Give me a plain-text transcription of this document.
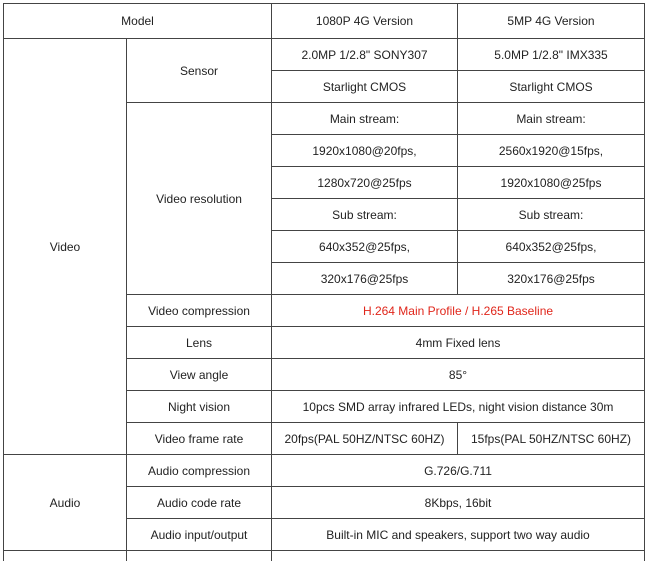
Model		1080P 4G Version	5MP 4G Version
Video	Sensor	2.0MP 1/2.8" SONY307	5.0MP 1/2.8" IMX335
		Starlight CMOS	Starlight CMOS
	Video resolution	Main stream:	Main stream:
		1920x1080@20fps,	2560x1920@15fps,
		1280x720@25fps	1920x1080@25fps
		Sub stream:	Sub stream:
		640x352@25fps,	640x352@25fps,
		320x176@25fps	320x176@25fps
	Video compression	H.264 Main Profile / H.265 Baseline	
	Lens	4mm Fixed lens	
	View angle	85°	
	Night vision	10pcs SMD array infrared LEDs, night vision distance 30m	
	Video frame rate	20fps(PAL 50HZ/NTSC 60HZ)	15fps(PAL 50HZ/NTSC 60HZ)
Audio	Audio compression	G.726/G.711	
	Audio code rate	8Kbps, 16bit	
	Audio input/output	Built-in MIC and speakers, support two way audio	
